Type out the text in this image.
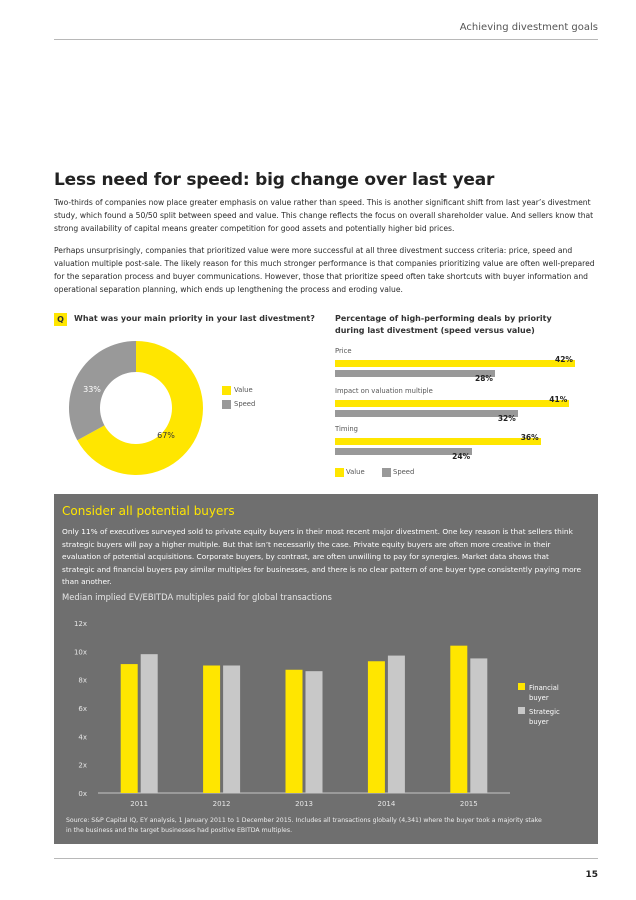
Achieving divestment goals
Less need for speed: big change over last year
Two-thirds of companies now place greater emphasis on value rather than speed. This is another significant shift from last year’s divestment study, which found a 50/50 split between speed and value. This change reflects the focus on overall shareholder value. And sellers know that strong availability of capital means greater competition for good assets and potentially higher bid prices.
Perhaps unsurprisingly, companies that prioritized value were more successful at all three divestment success criteria: price, speed and valuation multiple post-sale. The likely reason for this much stronger performance is that companies prioritizing value are often well-prepared for the separation process and buyer communications. However, those that prioritize speed often take shortcuts with buyer information and operational separation planning, which ends up lengthening the process and eroding value.
Q	What was your main priority in your last divestment?
67%
33%	Value
Speed
Percentage of high-performing deals by priority during last divestment (speed versus value)
Price
42%
28%
Impact on valuation multiple
41%
32%
Timing
36%
24%
Value	Speed
Consider all potential buyers
Only 11% of executives surveyed sold to private equity buyers in their most recent major divestment. One key reason is that sellers think strategic buyers will pay a higher multiple. But that isn’t necessarily the case. Private equity buyers are often more creative in their evaluation of potential acquisitions. Corporate buyers, by contrast, are often unwilling to pay for synergies. Market data shows that strategic and financial buyers pay similar multiples for businesses, and there is no clear pattern of one buyer type consistently paying more than another.
Median implied EV/EBITDA multiples paid for global transactions
0x
2x
4x
6x
8x
10x
12x
2011	2012	2013	2014	2015
Financial
buyer
Strategic
buyer
Source: S&P Capital IQ, EY analysis, 1 January 2011 to 1 December 2015. Includes all transactions globally (4,341) where the buyer took a majority stake in the business and the target businesses had positive EBITDA multiples.
15
